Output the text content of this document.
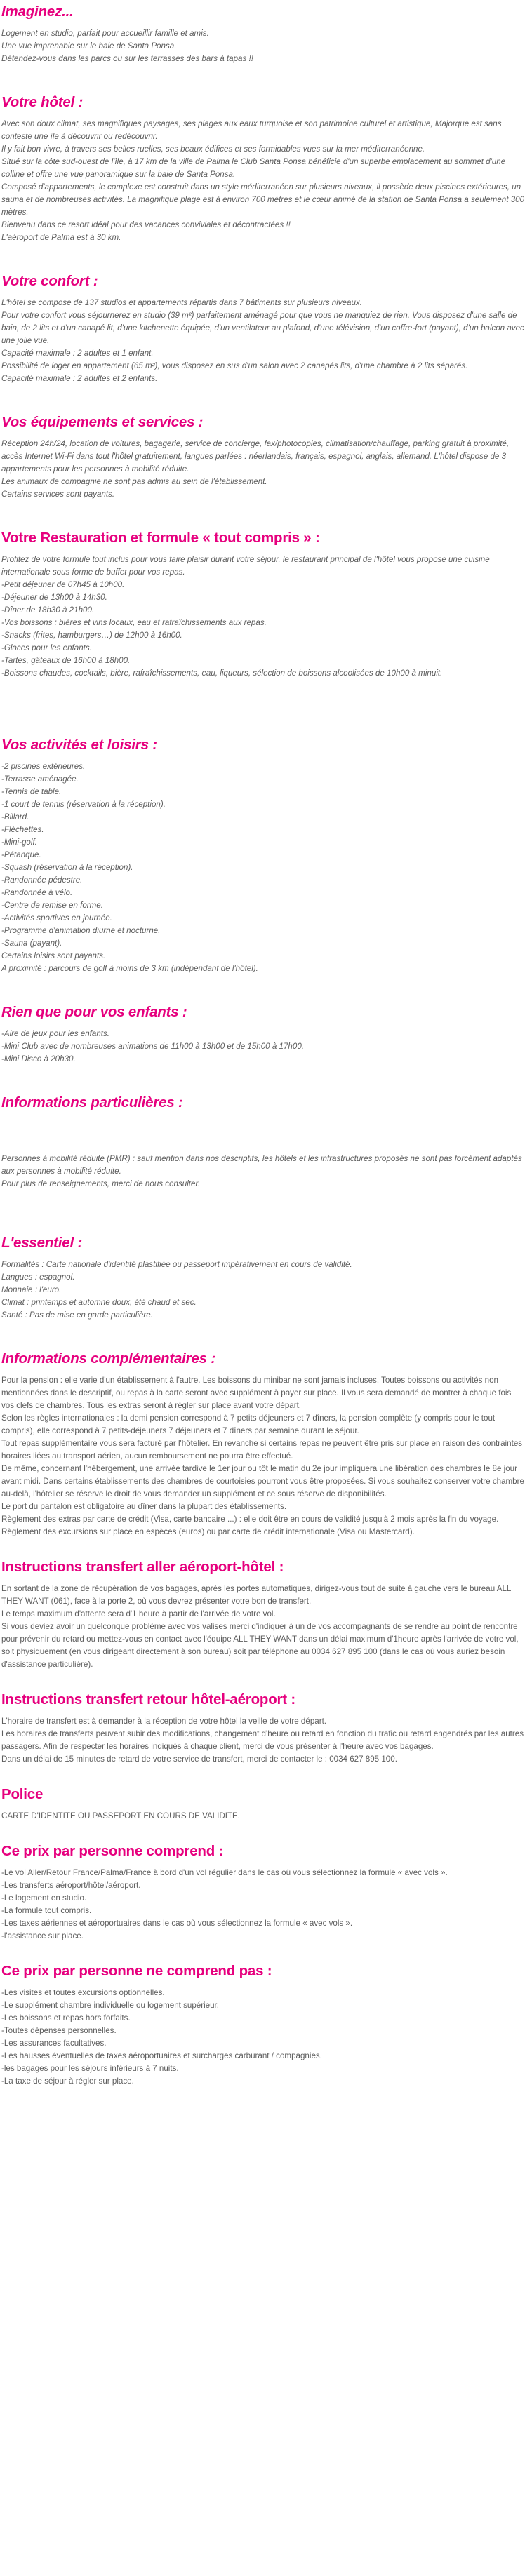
Imaginez...
Logement en studio, parfait pour accueillir famille et amis.
Une vue imprenable sur le baie de Santa Ponsa.
Détendez-vous dans les parcs ou sur les terrasses des bars à tapas !!
Votre hôtel :
Avec son doux climat, ses magnifiques paysages, ses plages aux eaux turquoise et son patrimoine culturel et artistique, Majorque est sans conteste une île à découvrir ou redécouvrir.
Il y fait bon vivre, à travers ses belles ruelles, ses beaux édifices et ses formidables vues sur la mer méditerranéenne.
Situé sur la côte sud-ouest de l'île, à 17 km de la ville de Palma le Club Santa Ponsa bénéficie d'un superbe emplacement au sommet d'une colline et offre une vue panoramique sur la baie de Santa Ponsa.
Composé d'appartements, le complexe est construit dans un style méditerranéen sur plusieurs niveaux, il possède deux piscines extérieures, un sauna et de nombreuses activités. La magnifique plage est à environ 700 mètres et le cœur animé de la station de Santa Ponsa à seulement 300 mètres.
Bienvenu dans ce resort idéal pour des vacances conviviales et décontractées !!
L'aéroport de Palma est à 30 km.
Votre confort :
L'hôtel se compose de 137 studios et appartements répartis dans 7 bâtiments sur plusieurs niveaux.
Pour votre confort vous séjournerez en studio (39 m²) parfaitement aménagé pour que vous ne manquiez de rien. Vous disposez d'une salle de bain, de 2 lits et d'un canapé lit, d'une kitchenette équipée, d'un ventilateur au plafond, d'une télévision, d'un coffre-fort (payant), d'un balcon avec une jolie vue.
Capacité maximale : 2 adultes et 1 enfant.
Possibilité de loger en appartement (65 m²), vous disposez en sus d'un salon avec 2 canapés lits, d'une chambre à 2 lits séparés.
Capacité maximale : 2 adultes et 2 enfants.
Vos équipements et services :
Réception 24h/24, location de voitures, bagagerie, service de concierge, fax/photocopies, climatisation/chauffage, parking gratuit à proximité, accès Internet Wi-Fi dans tout l'hôtel gratuitement, langues parlées : néerlandais, français, espagnol, anglais, allemand. L'hôtel dispose de 3 appartements pour les personnes à mobilité réduite.
Les animaux de compagnie ne sont pas admis au sein de l'établissement.
Certains services sont payants.
Votre Restauration et formule « tout compris » :
Profitez de votre formule tout inclus pour vous faire plaisir durant votre séjour, le restaurant principal de l'hôtel vous propose une cuisine internationale sous forme de buffet pour vos repas.
-Petit déjeuner de 07h45 à 10h00.
-Déjeuner de 13h00 à 14h30.
-Dîner de 18h30 à 21h00.
-Vos boissons : bières et vins locaux, eau et rafraîchissements aux repas.
-Snacks (frites, hamburgers…) de 12h00 à 16h00.
-Glaces pour les enfants.
-Tartes, gâteaux de 16h00 à 18h00.
-Boissons chaudes, cocktails, bière, rafraîchissements, eau, liqueurs, sélection de boissons alcoolisées de 10h00 à minuit.
Vos activités et loisirs :
-2 piscines extérieures.
-Terrasse aménagée.
-Tennis de table.
-1 court de tennis (réservation à la réception).
-Billard.
-Fléchettes.
-Mini-golf.
-Pétanque.
-Squash (réservation à la réception).
-Randonnée pédestre.
-Randonnée à vélo.
-Centre de remise en forme.
-Activités sportives en journée.
-Programme d'animation diurne et nocturne.
-Sauna (payant).
Certains loisirs sont payants.
A proximité : parcours de golf à moins de 3 km (indépendant de l'hôtel).
Rien que pour vos enfants :
-Aire de jeux pour les enfants.
-Mini Club avec de nombreuses animations de 11h00 à 13h00 et de 15h00 à 17h00.
-Mini Disco à 20h30.
Informations particulières :
Personnes à mobilité réduite (PMR) : sauf mention dans nos descriptifs, les hôtels et les infrastructures proposés ne sont pas forcément adaptés aux personnes à mobilité réduite.
Pour plus de renseignements, merci de nous consulter.
L'essentiel :
Formalités : Carte nationale d'identité plastifiée ou passeport impérativement en cours de validité.
Langues : espagnol.
Monnaie : l'euro.
Climat : printemps et automne doux, été chaud et sec.
Santé : Pas de mise en garde particulière.
Informations complémentaires :
Pour la pension : elle varie d'un établissement à l'autre. Les boissons du minibar ne sont jamais incluses. Toutes boissons ou activités non mentionnées dans le descriptif, ou repas à la carte seront avec supplément à payer sur place. Il vous sera demandé de montrer à chaque fois vos clefs de chambres. Tous les extras seront à régler sur place avant votre départ.
Selon les règles internationales : la demi pension correspond à 7 petits déjeuners et 7 dîners, la pension complète (y compris pour le tout compris), elle correspond à 7 petits-déjeuners 7 déjeuners et 7 dîners par semaine durant le séjour.
Tout repas supplémentaire vous sera facturé par l'hôtelier. En revanche si certains repas ne peuvent être pris sur place en raison des contraintes horaires liées au transport aérien, aucun remboursement ne pourra être effectué.
De même, concernant l'hébergement, une arrivée tardive le 1er jour ou tôt le matin du 2e jour impliquera une libération des chambres le 8e jour avant midi. Dans certains établissements des chambres de courtoisies pourront vous être proposées. Si vous souhaitez conserver votre chambre au-delà, l'hôtelier se réserve le droit de vous demander un supplément et ce sous réserve de disponibilités.
Le port du pantalon est obligatoire au dîner dans la plupart des établissements.
Règlement des extras par carte de crédit (Visa, carte bancaire ...) : elle doit être en cours de validité jusqu'à 2 mois après la fin du voyage.
Règlement des excursions sur place en espèces (euros) ou par carte de crédit internationale (Visa ou Mastercard).
Instructions transfert aller aéroport-hôtel :
En sortant de la zone de récupération de vos bagages, après les portes automatiques, dirigez-vous tout de suite à gauche vers le bureau ALL THEY WANT (061), face à la porte 2, où vous devrez présenter votre bon de transfert.
Le temps maximum d'attente sera d'1 heure à partir de l'arrivée de votre vol.
Si vous deviez avoir un quelconque problème avec vos valises merci d'indiquer à un de vos accompagnants de se rendre au point de rencontre pour prévenir du retard ou mettez-vous en contact avec l'équipe ALL THEY WANT dans un délai maximum d'1heure après l'arrivée de votre vol, soit physiquement (en vous dirigeant directement à son bureau) soit par téléphone au 0034 627 895 100 (dans le cas où vous auriez besoin d'assistance particulière).
Instructions transfert retour hôtel-aéroport :
L'horaire de transfert est à demander à la réception de votre hôtel la veille de votre départ.
Les horaires de transferts peuvent subir des modifications, changement d'heure ou retard en fonction du trafic ou retard engendrés par les autres passagers. Afin de respecter les horaires indiqués à chaque client, merci de vous présenter à l'heure avec vos bagages.
Dans un délai de 15 minutes de retard de votre service de transfert, merci de contacter le : 0034 627 895 100.
Police
CARTE D'IDENTITE OU PASSEPORT EN COURS DE VALIDITE.
Ce prix par personne comprend :
-Le vol Aller/Retour France/Palma/France à bord d'un vol régulier dans le cas où vous sélectionnez la formule « avec vols ».
-Les transferts aéroport/hôtel/aéroport.
-Le logement en studio.
-La formule tout compris.
-Les taxes aériennes et aéroportuaires dans le cas où vous sélectionnez la formule « avec vols ».
-l'assistance sur place.
Ce prix par personne ne comprend pas :
-Les visites et toutes excursions optionnelles.
-Le supplément chambre individuelle ou logement supérieur.
-Les boissons et repas hors forfaits.
-Toutes dépenses personnelles.
-Les assurances facultatives.
-Les hausses éventuelles de taxes aéroportuaires et surcharges carburant / compagnies.
-les bagages pour les séjours inférieurs à 7 nuits.
-La taxe de séjour à régler sur place.
